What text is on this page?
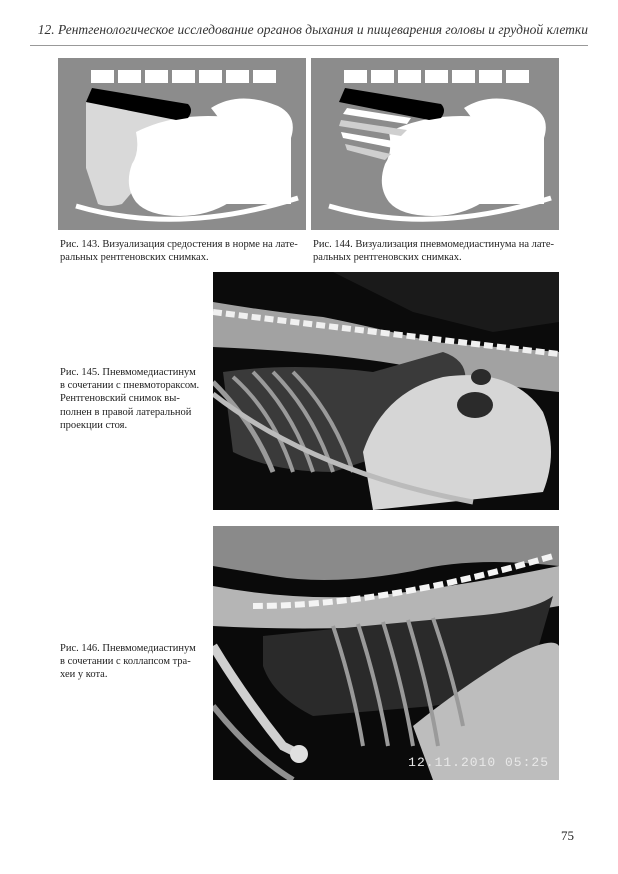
12. Рентгенологическое исследование органов дыхания и пищеварения головы и грудной клетки
Рис. 143. Визуализация средостения в норме на лате-
ральных рентгеновских снимках.
Рис. 144. Визуализация пневмомедиастинума на лате-
ральных рентгеновских снимках.
Рис. 145. Пневмомедиастинум
в сочетании с пневмотораксом.
Рентгеновский снимок вы-
полнен в правой латеральной
проекции стоя.
Рис. 146. Пневмомедиастинум
в сочетании с коллапсом тра-
хеи у кота.
12.11.2010 05:25
75
